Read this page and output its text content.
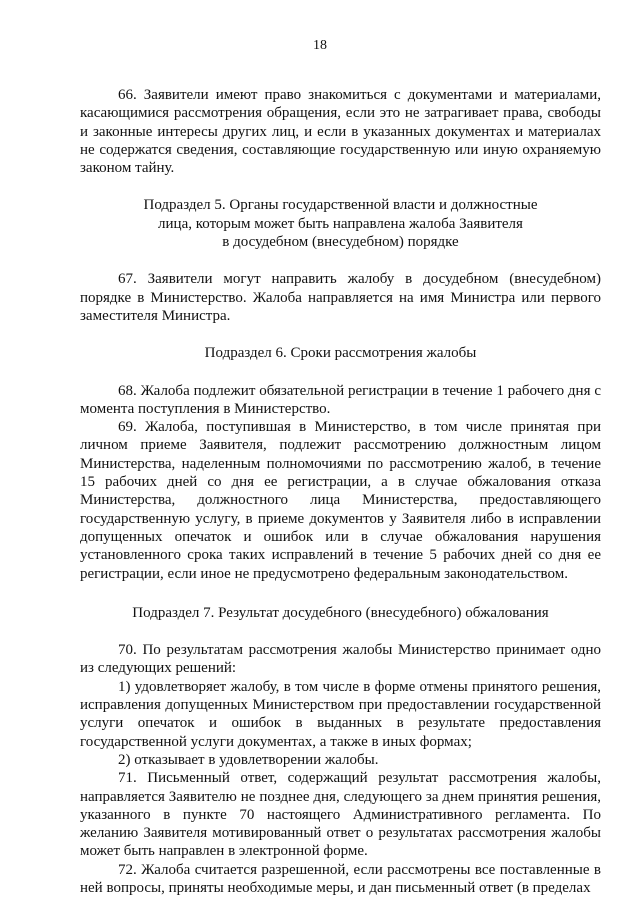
18

66. Заявители имеют право знакомиться с документами и материалами, касающимися рассмотрения обращения, если это не затрагивает права, свободы и законные интересы других лиц, и если в указанных документах и материалах не содержатся сведения, составляющие государственную или иную охраняемую законом тайну.

Подраздел 5. Органы государственной власти и должностные

лица, которым может быть направлена жалоба Заявителя

в досудебном (внесудебном) порядке

67. Заявители могут направить жалобу в досудебном (внесудебном) порядке в Министерство. Жалоба направляется на имя Министра или первого заместителя Министра.

Подраздел 6. Сроки рассмотрения жалобы

68. Жалоба подлежит обязательной регистрации в течение 1 рабочего дня с момента поступления в Министерство.

69. Жалоба, поступившая в Министерство, в том числе принятая при личном приеме Заявителя, подлежит рассмотрению должностным лицом Министерства, наделенным полномочиями по рассмотрению жалоб, в течение 15 рабочих дней со дня ее регистрации, а в случае обжалования отказа Министерства, должностного лица Министерства, предоставляющего государственную услугу, в приеме документов у Заявителя либо в исправлении допущенных опечаток и ошибок или в случае обжалования нарушения установленного срока таких исправлений в течение 5 рабочих дней со дня ее регистрации, если иное не предусмотрено федеральным законодательством.

Подраздел 7. Результат досудебного (внесудебного) обжалования

70. По результатам рассмотрения жалобы Министерство принимает одно из следующих решений:

1) удовлетворяет жалобу, в том числе в форме отмены принятого решения, исправления допущенных Министерством при предоставлении государственной услуги опечаток и ошибок в выданных в результате предоставления государственной услуги документах, а также в иных формах;

2) отказывает в удовлетворении жалобы.

71. Письменный ответ, содержащий результат рассмотрения жалобы, направляется Заявителю не позднее дня, следующего за днем принятия решения, указанного в пункте 70 настоящего Административного регламента. По желанию Заявителя мотивированный ответ о результатах рассмотрения жалобы может быть направлен в электронной форме.

72. Жалоба считается разрешенной, если рассмотрены все поставленные в ней вопросы, приняты необходимые меры, и дан письменный ответ (в пределах
